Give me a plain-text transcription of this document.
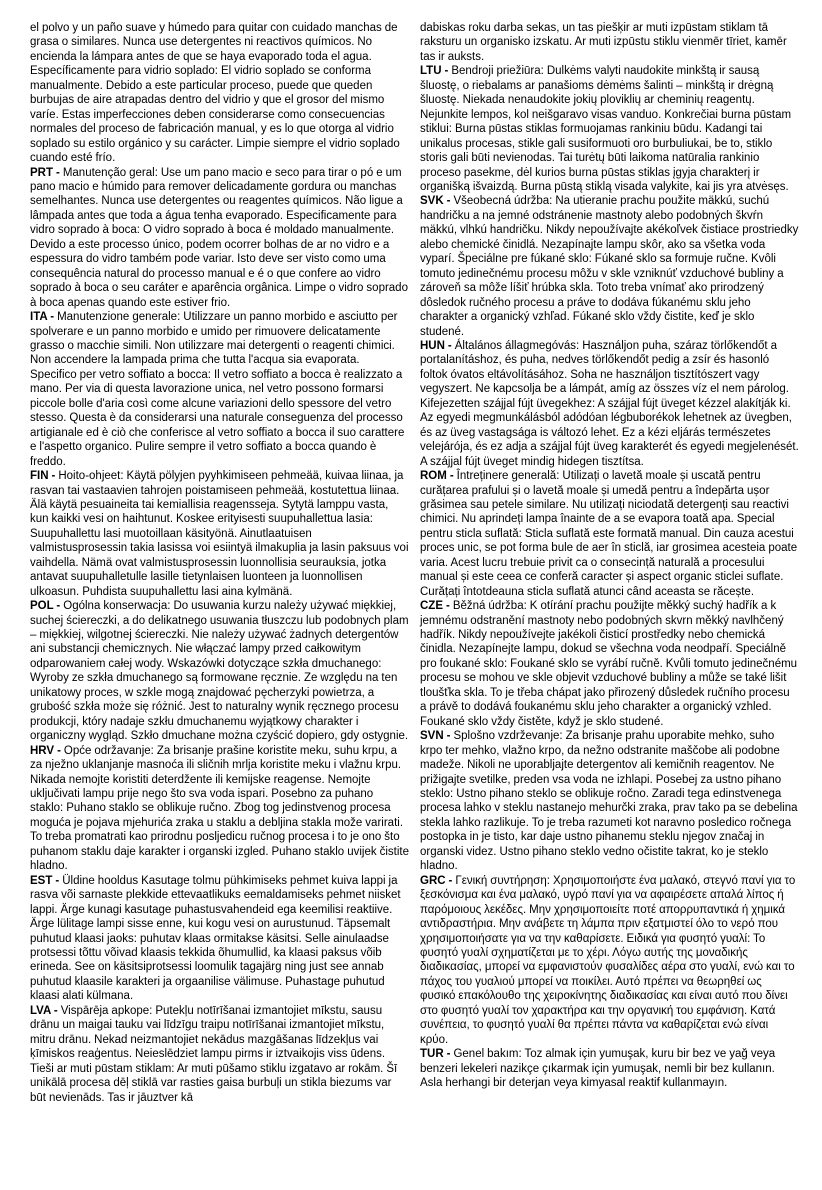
el polvo y un paño suave y húmedo para quitar con cuidado manchas de grasa o similares. Nunca use detergentes ni reactivos químicos. No encienda la lámpara antes de que se haya evaporado toda el agua. Específicamente para vidrio soplado: El vidrio soplado se conforma manualmente. Debido a este particular proceso, puede que queden burbujas de aire atrapadas dentro del vidrio y que el grosor del mismo varíe. Estas imperfecciones deben considerarse como consecuencias normales del proceso de fabricación manual, y es lo que otorga al vidrio soplado su estilo orgánico y su carácter. Limpie siempre el vidrio soplado cuando esté frío.

PRT - Manutenção geral: Use um pano macio e seco para tirar o pó e um pano macio e húmido para remover delicadamente gordura ou manchas semelhantes. Nunca use detergentes ou reagentes químicos. Não ligue a lâmpada antes que toda a água tenha evaporado. Especificamente para vidro soprado à boca: O vidro soprado à boca é moldado manualmente. Devido a este processo único, podem ocorrer bolhas de ar no vidro e a espessura do vidro também pode variar. Isto deve ser visto como uma consequência natural do processo manual e é o que confere ao vidro soprado à boca o seu caráter e aparência orgânica. Limpe o vidro soprado à boca apenas quando este estiver frio.

ITA - Manutenzione generale: Utilizzare un panno morbido e asciutto per spolverare e un panno morbido e umido per rimuovere delicatamente grasso o macchie simili. Non utilizzare mai detergenti o reagenti chimici. Non accendere la lampada prima che tutta l'acqua sia evaporata. Specifico per vetro soffiato a bocca: Il vetro soffiato a bocca è realizzato a mano. Per via di questa lavorazione unica, nel vetro possono formarsi piccole bolle d'aria così come alcune variazioni dello spessore del vetro stesso. Questa è da considerarsi una naturale conseguenza del processo artigianale ed è ciò che conferisce al vetro soffiato a bocca il suo carattere e l'aspetto organico. Pulire sempre il vetro soffiato a bocca quando è freddo.

FIN - Hoito-ohjeet: Käytä pölyjen pyyhkimiseen pehmeää, kuivaa liinaa, ja rasvan tai vastaavien tahrojen poistamiseen pehmeää, kostutettua liinaa. Älä käytä pesuaineita tai kemiallisia reagensseja. Sytytä lamppu vasta, kun kaikki vesi on haihtunut. Koskee erityisesti suupuhallettua lasia: Suupuhallettu lasi muotoillaan käsityönä. Ainutlaatuisen valmistusprosessin takia lasissa voi esiintyä ilmakuplia ja lasin paksuus voi vaihdella. Nämä ovat valmistusprosessin luonnollisia seurauksia, jotka antavat suupuhalletulle lasille tietynlaisen luonteen ja luonnollisen ulkoasun. Puhdista suupuhallettu lasi aina kylmänä.

POL - Ogólna konserwacja: Do usuwania kurzu należy używać miękkiej, suchej ściereczki, a do delikatnego usuwania tłuszczu lub podobnych plam – miękkiej, wilgotnej ściereczki. Nie należy używać żadnych detergentów ani substancji chemicznych. Nie włączać lampy przed całkowitym odparowaniem całej wody. Wskazówki dotyczące szkła dmuchanego: Wyroby ze szkła dmuchanego są formowane ręcznie. Ze względu na ten unikatowy proces, w szkle mogą znajdować pęcherzyki powietrza, a grubość szkła może się różnić. Jest to naturalny wynik ręcznego procesu produkcji, który nadaje szkłu dmuchanemu wyjątkowy charakter i organiczny wygląd. Szkło dmuchane można czyścić dopiero, gdy ostygnie.

HRV - Opće održavanje: Za brisanje prašine koristite meku, suhu krpu, a za nježno uklanjanje masnoća ili sličnih mrlja koristite meku i vlažnu krpu. Nikada nemojte koristiti deterdžente ili kemijske reagense. Nemojte uključivati lampu prije nego što sva voda ispari. Posebno za puhano staklo: Puhano staklo se oblikuje ručno. Zbog tog jedinstvenog procesa moguća je pojava mjehurića zraka u staklu a debljina stakla može varirati. To treba promatrati kao prirodnu posljedicu ručnog procesa i to je ono što puhanom staklu daje karakter i organski izgled. Puhano staklo uvijek čistite hladno.

EST - Üldine hooldus Kasutage tolmu pühkimiseks pehmet kuiva lappi ja rasva või sarnaste plekkide ettevaatlikuks eemaldamiseks pehmet niisket lappi. Ärge kunagi kasutage puhastusvahendeid ega keemilisi reaktiive. Ärge lülitage lampi sisse enne, kui kogu vesi on aurustunud. Täpsemalt puhutud klaasi jaoks: puhutav klaas ormitakse käsitsi. Selle ainulaadse protsessi tõttu võivad klaasis tekkida õhumullid, ka klaasi paksus võib erineda. See on käsitsiprotsessi loomulik tagajärg ning just see annab puhutud klaasile karakteri ja orgaanilise välimuse. Puhastage puhutud klaasi alati külmana.

LVA - Vispārēja apkope: Putekļu notīrīšanai izmantojiet mīkstu, sausu drānu un maigai tauku vai līdzīgu traipu notīrīšanai izmantojiet mīkstu, mitru drānu. Nekad neizmantojiet nekādus mazgāšanas līdzekļus vai ķīmiskos reaģentus. Neieslēdziet lampu pirms ir iztvaikojis viss ūdens. Tieši ar muti pūstam stiklam: Ar muti pūšamo stiklu izgatavo ar rokām. Šī unikālā procesa dēļ stiklā var rasties gaisa burbuļi un stikla biezums var būt nevienāds. Tas ir jāuztver kā

dabiskas roku darba sekas, un tas piešķir ar muti izpūstam stiklam tā raksturu un organisko izskatu. Ar muti izpūstu stiklu vienmēr tīriet, kamēr tas ir auksts.

LTU - Bendroji priežiūra: Dulkėms valyti naudokite minkštą ir sausą šluostę, o riebalams ar panašioms dėmėms šalinti – minkštą ir drėgną šluostę. Niekada nenaudokite jokių ploviklių ar cheminių reagentų. Nejunkite lempos, kol neišgaravo visas vanduo. Konkrečiai burna pūstam stiklui: Burna pūstas stiklas formuojamas rankiniu būdu. Kadangi tai unikalus procesas, stikle gali susiformuoti oro burbuliukai, be to, stiklo storis gali būti nevienodas. Tai turėtų būti laikoma natūralia rankinio proceso pasekme, dėl kurios burna pūstas stiklas įgyja charakterį ir organišką išvaizdą. Burna pūstą stiklą visada valykite, kai jis yra atvėsęs.

SVK - Všeobecná údržba: Na utieranie prachu použite mäkkú, suchú handričku a na jemné odstránenie mastnoty alebo podobných škvŕn mäkkú, vlhkú handričku. Nikdy nepoužívajte akékoľvek čistiace prostriedky alebo chemické činidlá. Nezapínajte lampu skôr, ako sa všetka voda vyparí. Špeciálne pre fúkané sklo: Fúkané sklo sa formuje ručne. Kvôli tomuto jedinečnému procesu môžu v skle vzniknúť vzduchové bubliny a zároveň sa môže líšiť hrúbka skla. Toto treba vnímať ako prirodzený dôsledok ručného procesu a práve to dodáva fúkanému sklu jeho charakter a organický vzhľad. Fúkané sklo vždy čistite, keď je sklo studené.

HUN - Általános állagmegóvás: Használjon puha, száraz törlőkendőt a portalanításhoz, és puha, nedves törlőkendőt pedig a zsír és hasonló foltok óvatos eltávolításához. Soha ne használjon tisztítószert vagy vegyszert. Ne kapcsolja be a lámpát, amíg az összes víz el nem párolog. Kifejezetten szájjal fújt üvegekhez: A szájjal fújt üveget kézzel alakítják ki. Az egyedi megmunkálásból adódóan légbuborékok lehetnek az üvegben, és az üveg vastagsága is változó lehet. Ez a kézi eljárás természetes velejárója, és ez adja a szájjal fújt üveg karakterét és egyedi megjelenését. A szájjal fújt üveget mindig hidegen tisztítsa.

ROM - Întreținere generală: Utilizați o lavetă moale și uscată pentru curățarea prafului și o lavetă moale și umedă pentru a îndepărta ușor grăsimea sau petele similare. Nu utilizați niciodată detergenți sau reactivi chimici. Nu aprindeți lampa înainte de a se evapora toată apa. Special pentru sticla suflată: Sticla suflată este formată manual. Din cauza acestui proces unic, se pot forma bule de aer în sticlă, iar grosimea acesteia poate varia. Acest lucru trebuie privit ca o consecință naturală a procesului manual și este ceea ce conferă caracter și aspect organic sticlei suflate. Curățați întotdeauna sticla suflată atunci când aceasta se răcește.

CZE - Běžná údržba: K otírání prachu použijte měkký suchý hadřík a k jemnému odstranění mastnoty nebo podobných skvrn měkký navlhčený hadřík. Nikdy nepoužívejte jakékoli čisticí prostředky nebo chemická činidla. Nezapínejte lampu, dokud se všechna voda neodpaří. Speciálně pro foukané sklo: Foukané sklo se vyrábí ručně. Kvůli tomuto jedinečnému procesu se mohou ve skle objevit vzduchové bubliny a může se také lišit tloušťka skla. To je třeba chápat jako přirozený důsledek ručního procesu a právě to dodává foukanému sklu jeho charakter a organický vzhled. Foukané sklo vždy čistěte, když je sklo studené.

SVN - Splošno vzdrževanje: Za brisanje prahu uporabite mehko, suho krpo ter mehko, vlažno krpo, da nežno odstranite maščobe ali podobne madeže. Nikoli ne uporabljajte detergentov ali kemičnih reagentov. Ne prižigajte svetilke, preden vsa voda ne izhlapi. Posebej za ustno pihano steklo: Ustno pihano steklo se oblikuje ročno. Zaradi tega edinstvenega procesa lahko v steklu nastanejo mehurčki zraka, prav tako pa se debelina stekla lahko razlikuje. To je treba razumeti kot naravno posledico ročnega postopka in je tisto, kar daje ustno pihanemu steklu njegov značaj in organski videz. Ustno pihano steklo vedno očistite takrat, ko je steklo hladno.

GRC - Γενική συντήρηση: Χρησιμοποιήστε ένα μαλακό, στεγνό πανί για το ξεσκόνισμα και ένα μαλακό, υγρό πανί για να αφαιρέσετε απαλά λίπος ή παρόμοιους λεκέδες. Μην χρησιμοποιείτε ποτέ απορρυπαντικά ή χημικά αντιδραστήρια. Μην ανάβετε τη λάμπα πριν εξατμιστεί όλο το νερό που χρησιμοποιήσατε για να την καθαρίσετε. Ειδικά για φυσητό γυαλί: Το φυσητό γυαλί σχηματίζεται με το χέρι. Λόγω αυτής της μοναδικής διαδικασίας, μπορεί να εμφανιστούν φυσαλίδες αέρα στο γυαλί, ενώ και το πάχος του γυαλιού μπορεί να ποικίλει. Αυτό πρέπει να θεωρηθεί ως φυσικό επακόλουθο της χειροκίνητης διαδικασίας και είναι αυτό που δίνει στο φυσητό γυαλί τον χαρακτήρα και την οργανική του εμφάνιση. Κατά συνέπεια, το φυσητό γυαλί θα πρέπει πάντα να καθαρίζεται ενώ είναι κρύο.

TUR - Genel bakım: Toz almak için yumuşak, kuru bir bez ve yağ veya benzeri lekeleri nazikçe çıkarmak için yumuşak, nemli bir bez kullanın. Asla herhangi bir deterjan veya kimyasal reaktif kullanmayın.
